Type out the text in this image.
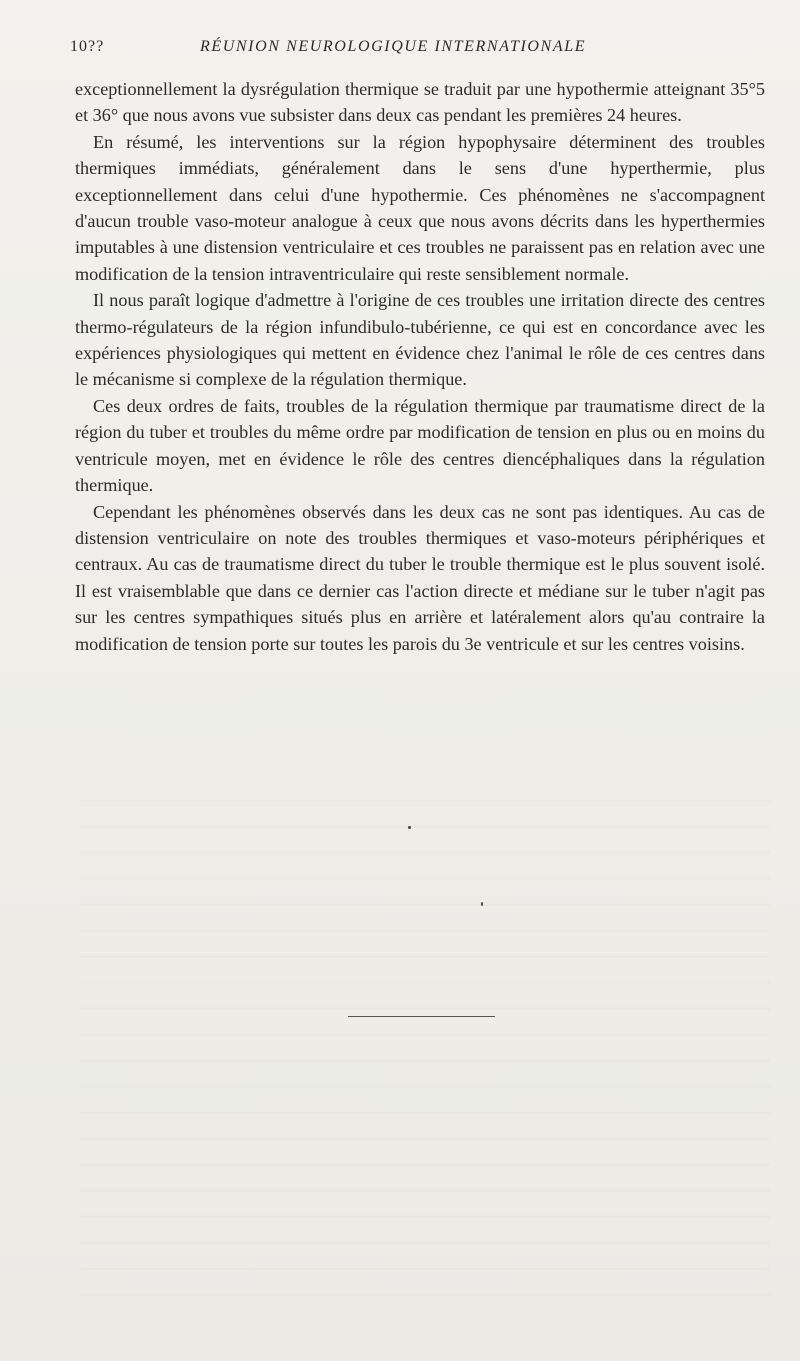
10??	RÉUNION NEUROLOGIQUE INTERNATIONALE

exceptionnellement la dysrégulation thermique se traduit par une hypothermie atteignant 35°5 et 36° que nous avons vue subsister dans deux cas pendant les premières 24 heures.

En résumé, les interventions sur la région hypophysaire déterminent des troubles thermiques immédiats, généralement dans le sens d'une hyperthermie, plus exceptionnellement dans celui d'une hypothermie. Ces phénomènes ne s'accompagnent d'aucun trouble vaso-moteur analogue à ceux que nous avons décrits dans les hyperthermies imputables à une distension ventriculaire et ces troubles ne paraissent pas en relation avec une modification de la tension intraventriculaire qui reste sensiblement normale.

Il nous paraît logique d'admettre à l'origine de ces troubles une irritation directe des centres thermo-régulateurs de la région infundibulo-tubérienne, ce qui est en concordance avec les expériences physiologiques qui mettent en évidence chez l'animal le rôle de ces centres dans le mécanisme si complexe de la régulation thermique.

Ces deux ordres de faits, troubles de la régulation thermique par traumatisme direct de la région du tuber et troubles du même ordre par modification de tension en plus ou en moins du ventricule moyen, met en évidence le rôle des centres diencéphaliques dans la régulation thermique.

Cependant les phénomènes observés dans les deux cas ne sont pas identiques. Au cas de distension ventriculaire on note des troubles thermiques et vaso-moteurs périphériques et centraux. Au cas de traumatisme direct du tuber le trouble thermique est le plus souvent isolé. Il est vraisemblable que dans ce dernier cas l'action directe et médiane sur le tuber n'agit pas sur les centres sympathiques situés plus en arrière et latéralement alors qu'au contraire la modification de tension porte sur toutes les parois du 3e ventricule et sur les centres voisins.
